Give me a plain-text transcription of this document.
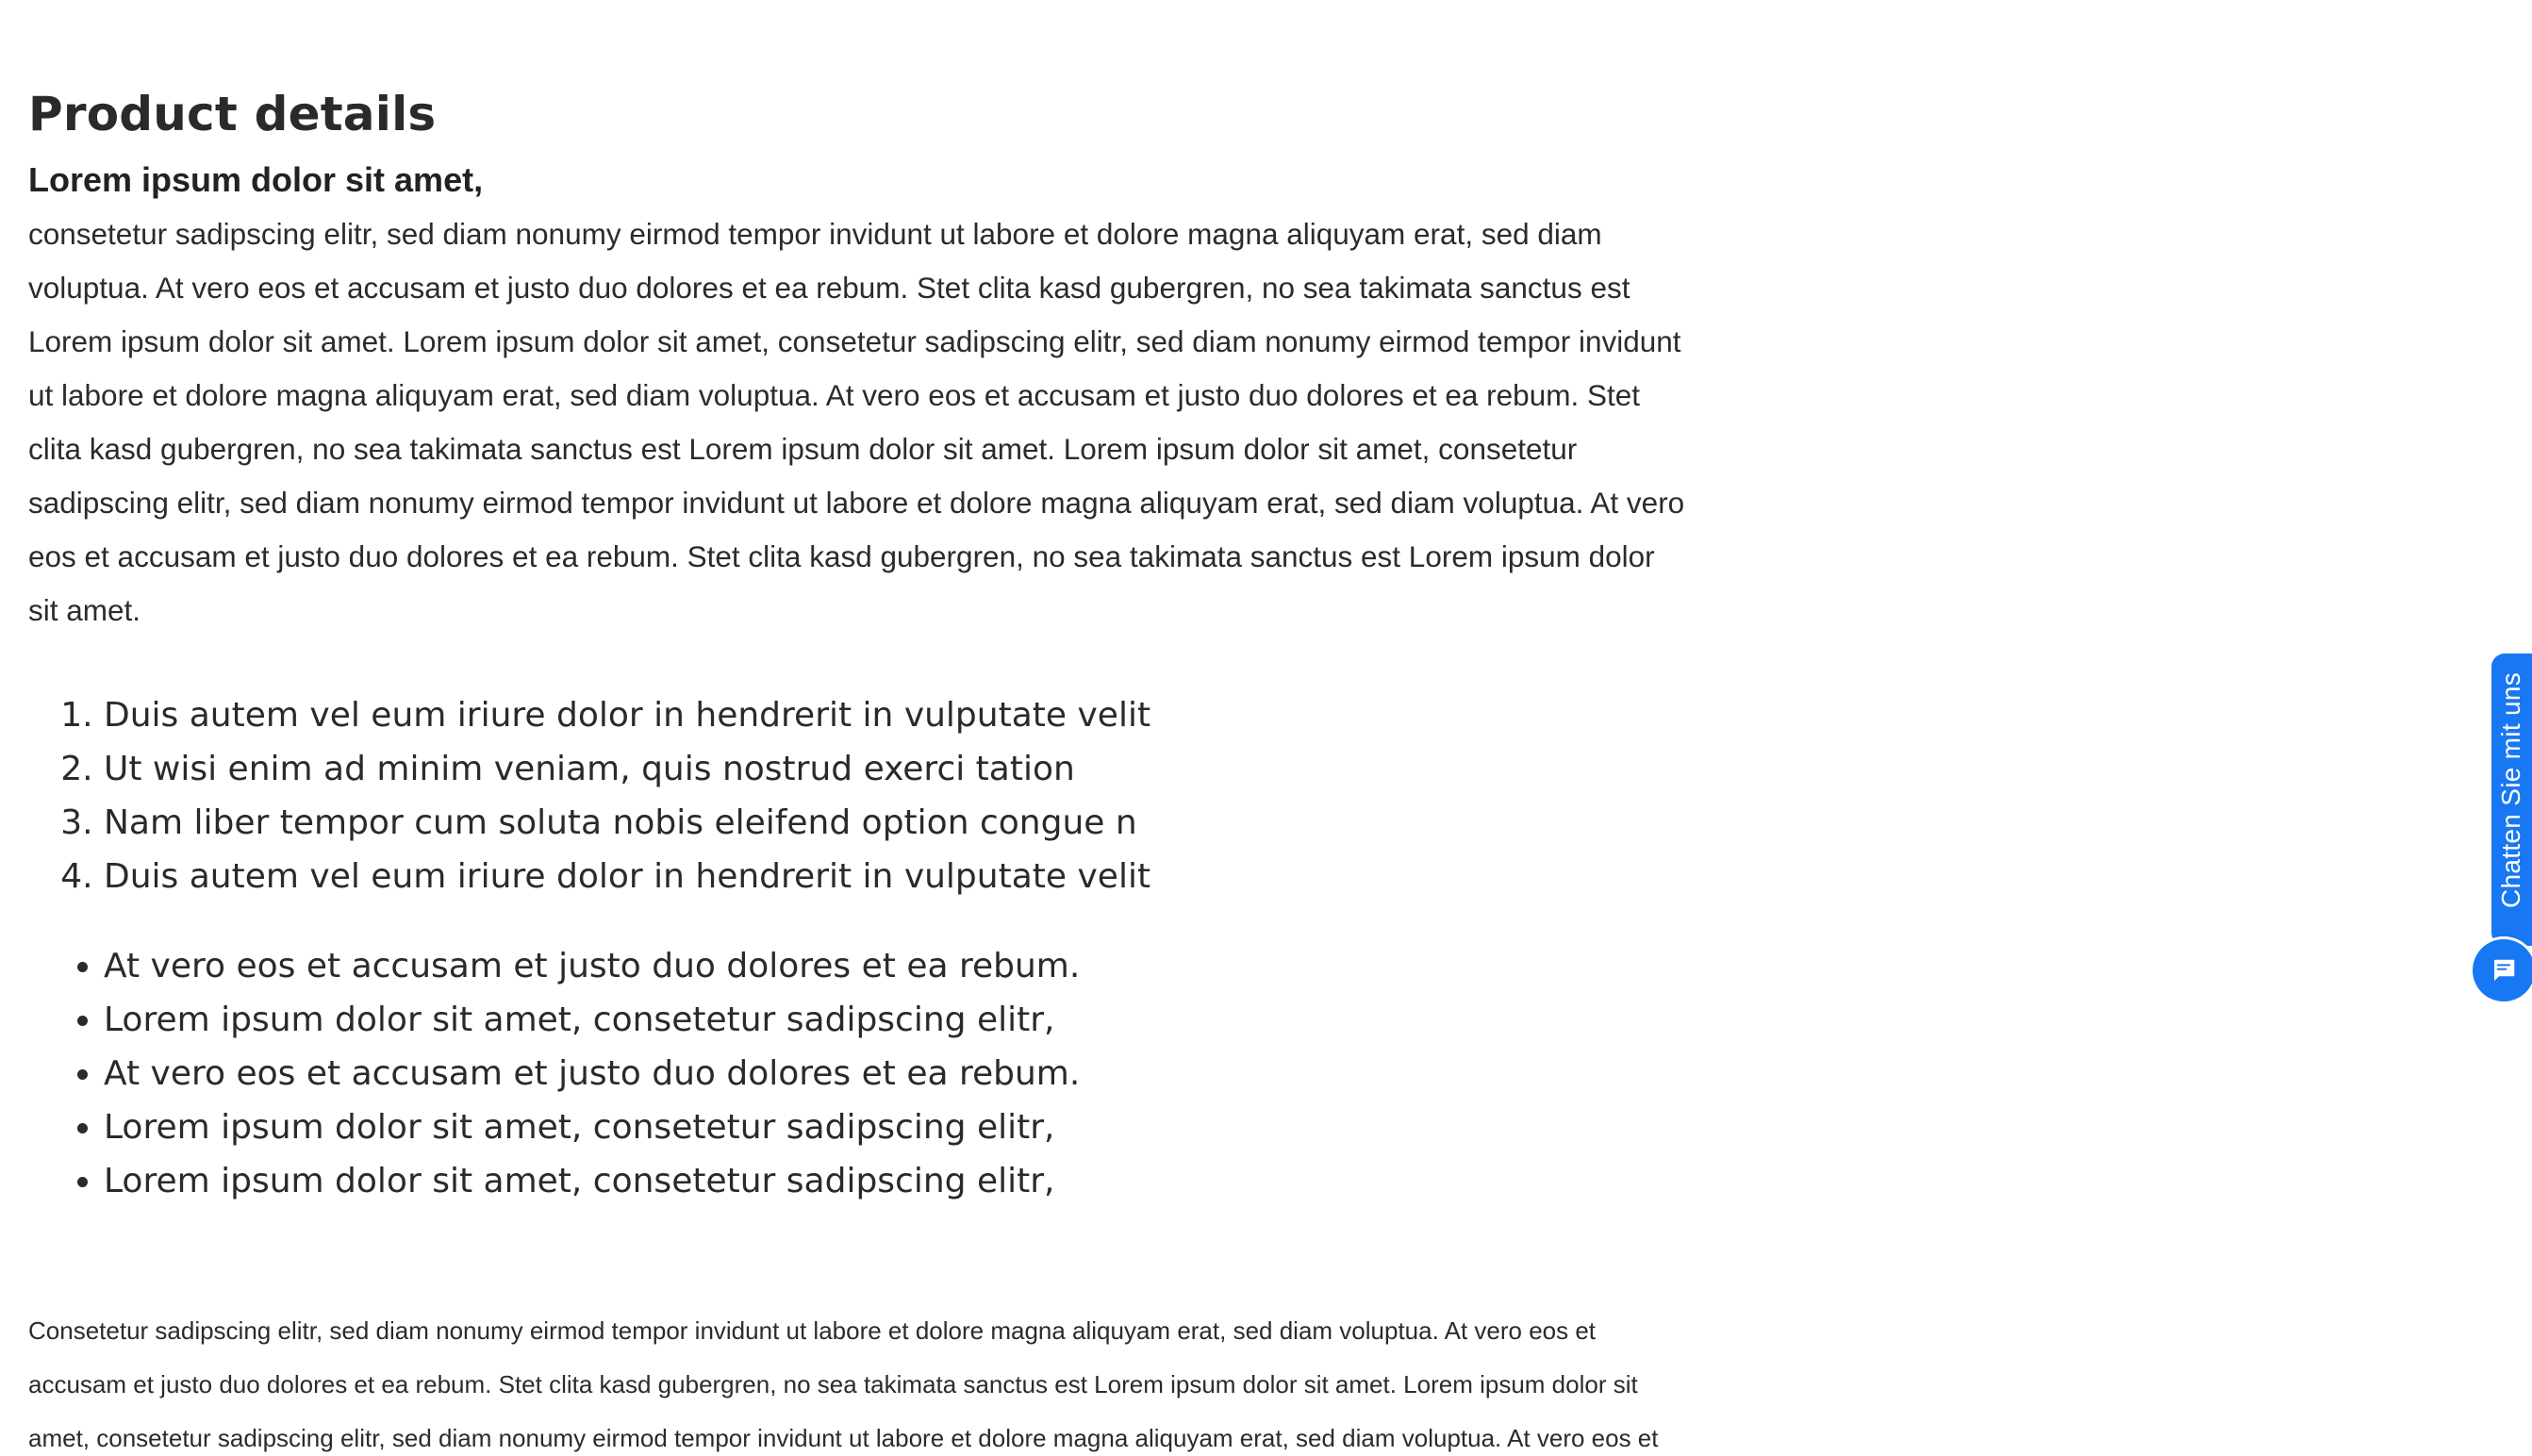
Product details
Lorem ipsum dolor sit amet,

consetetur sadipscing elitr, sed diam nonumy eirmod tempor invidunt ut labore et dolore magna aliquyam erat, sed diam voluptua. At vero eos et accusam et justo duo dolores et ea rebum. Stet clita kasd gubergren, no sea takimata sanctus est Lorem ipsum dolor sit amet. Lorem ipsum dolor sit amet, consetetur sadipscing elitr, sed diam nonumy eirmod tempor invidunt ut labore et dolore magna aliquyam erat, sed diam voluptua. At vero eos et accusam et justo duo dolores et ea rebum. Stet clita kasd gubergren, no sea takimata sanctus est Lorem ipsum dolor sit amet. Lorem ipsum dolor sit amet, consetetur sadipscing elitr, sed diam nonumy eirmod tempor invidunt ut labore et dolore magna aliquyam erat, sed diam voluptua. At vero eos et accusam et justo duo dolores et ea rebum. Stet clita kasd gubergren, no sea takimata sanctus est Lorem ipsum dolor sit amet.

1. Duis autem vel eum iriure dolor in hendrerit in vulputate velit
2. Ut wisi enim ad minim veniam, quis nostrud exerci tation
3. Nam liber tempor cum soluta nobis eleifend option congue n
4. Duis autem vel eum iriure dolor in hendrerit in vulputate velit
• At vero eos et accusam et justo duo dolores et ea rebum.
• Lorem ipsum dolor sit amet, consetetur sadipscing elitr,
• At vero eos et accusam et justo duo dolores et ea rebum.
• Lorem ipsum dolor sit amet, consetetur sadipscing elitr,
• Lorem ipsum dolor sit amet, consetetur sadipscing elitr,

Consetetur sadipscing elitr, sed diam nonumy eirmod tempor invidunt ut labore et dolore magna aliquyam erat, sed diam voluptua. At vero eos et accusam et justo duo dolores et ea rebum. Stet clita kasd gubergren, no sea takimata sanctus est Lorem ipsum dolor sit amet. Lorem ipsum dolor sit amet, consetetur sadipscing elitr, sed diam nonumy eirmod tempor invidunt ut labore et dolore magna aliquyam erat, sed diam voluptua. At vero eos et

Chatten Sie mit uns
